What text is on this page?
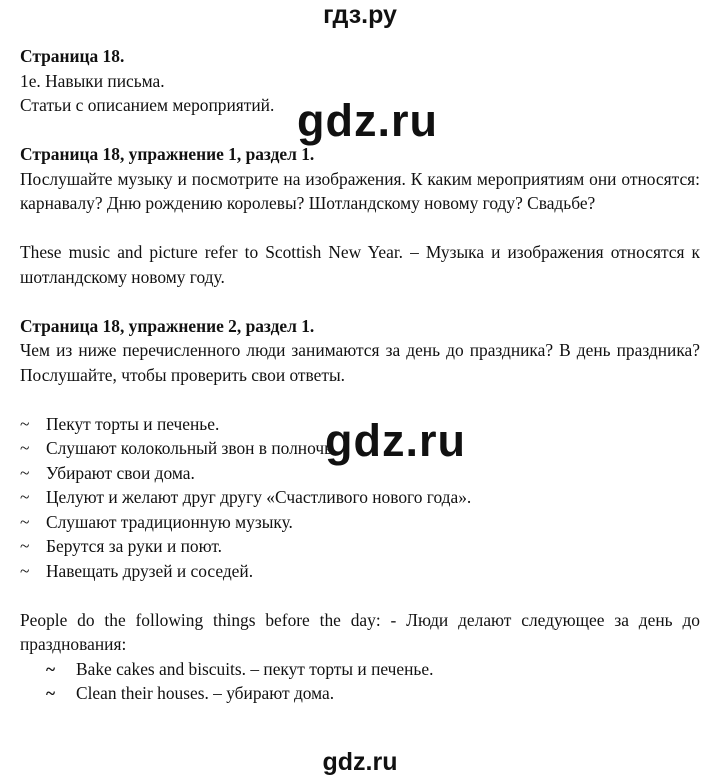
гдз.ру
gdz.ru
gdz.ru

Страница 18.

1e. Навыки письма.

Статьи с описанием мероприятий.

Страница 18, упражнение 1, раздел 1.

Послушайте музыку и посмотрите на изображения. К каким мероприятиям они относятся: карнавалу? Дню рождению королевы? Шотландскому новому году? Свадьбе?

These music and picture refer to Scottish New Year. – Музыка и изображения относятся к шотландскому новому году.

Страница 18, упражнение 2, раздел 1.

Чем из ниже перечисленного люди занимаются за день до праздника? В день праздника? Послушайте, чтобы проверить свои ответы.

~ Пекут торты и печенье.
~ Слушают колокольный звон в полночь.
~ Убирают свои дома.
~ Целуют и желают друг другу «Счастливого нового года».
~ Слушают традиционную музыку.
~ Берутся за руки и поют.
~ Навещать друзей и соседей.

People do the following things before the day: - Люди делают следующее за день до празднования:

~ Bake cakes and biscuits. – пекут торты и печенье.
~ Clean their houses. – убирают дома.
gdz.ru
